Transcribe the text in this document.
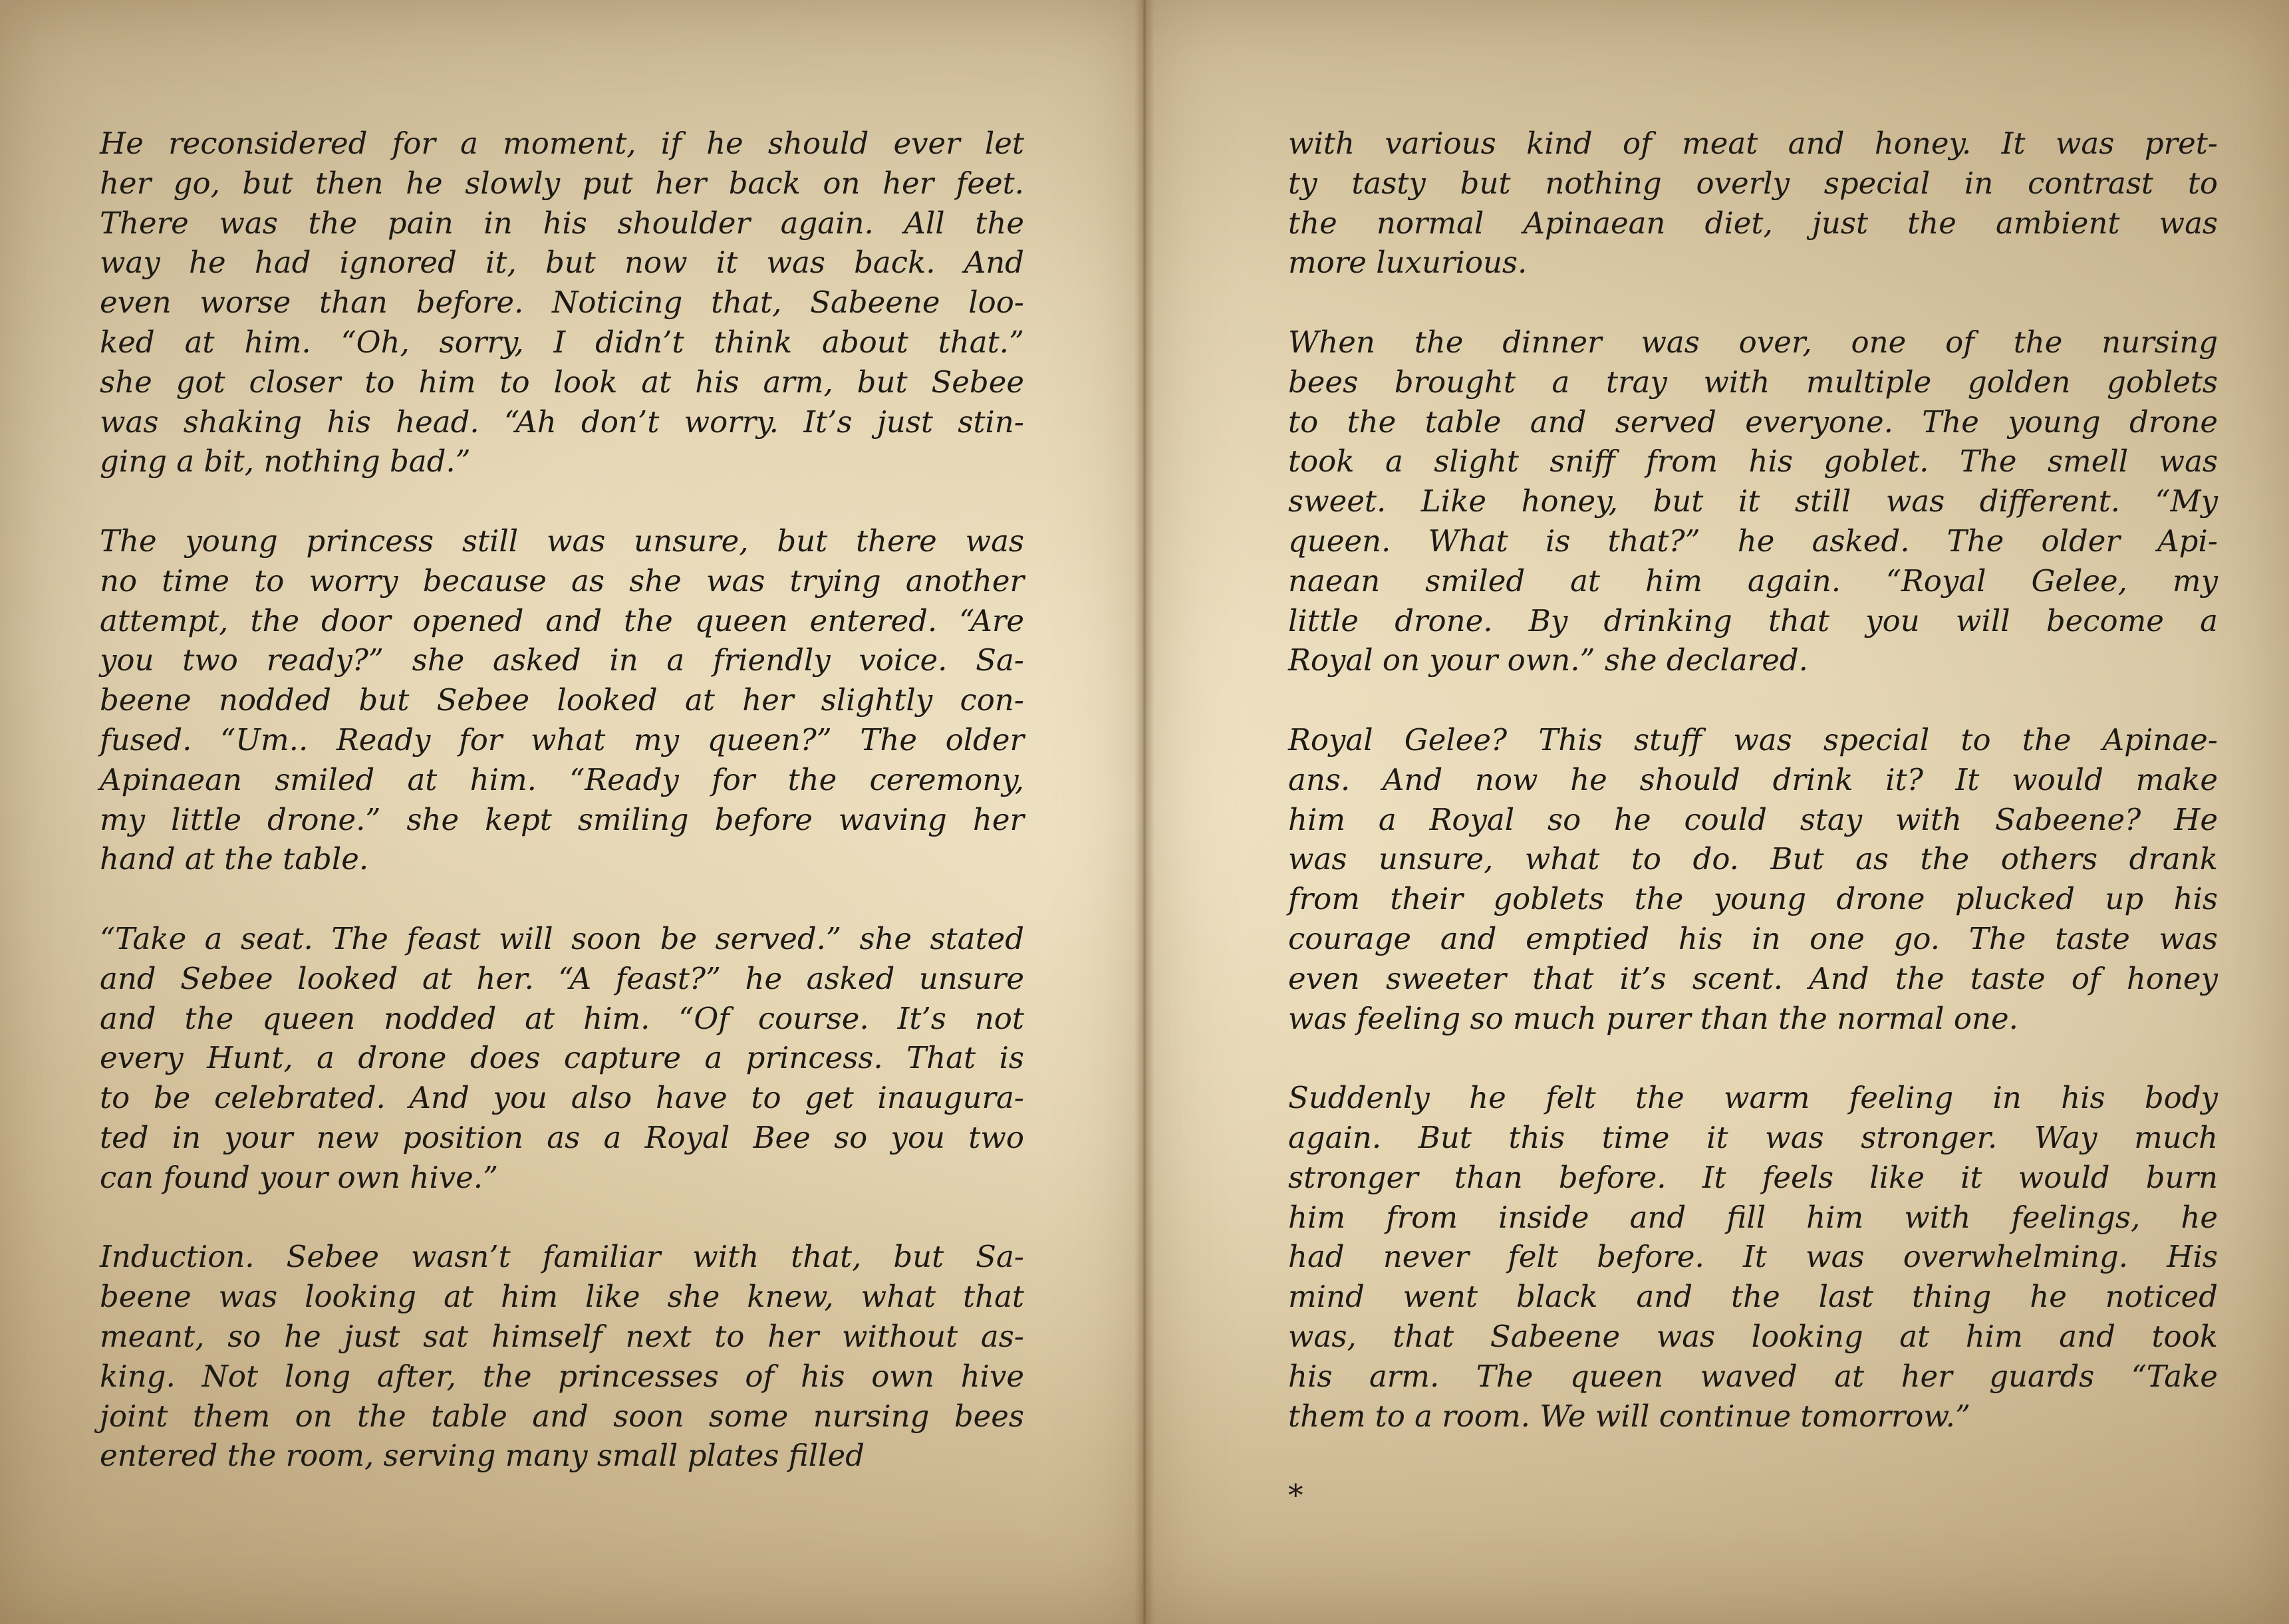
He reconsidered for a moment, if he should ever let
her go, but then he slowly put her back on her feet.
There was the pain in his shoulder again. All the
way he had ignored it, but now it was back. And
even worse than before. Noticing that, Sabeene loo-
ked at him. “Oh, sorry, I didn’t think about that.”
she got closer to him to look at his arm, but Sebee
was shaking his head. “Ah don’t worry. It’s just stin-
ging a bit, nothing bad.”
The young princess still was unsure, but there was
no time to worry because as she was trying another
attempt, the door opened and the queen entered. “Are
you two ready?” she asked in a friendly voice. Sa-
beene nodded but Sebee looked at her slightly con-
fused. “Um.. Ready for what my queen?” The older
Apinaean smiled at him. “Ready for the ceremony,
my little drone.” she kept smiling before waving her
hand at the table.
“Take a seat. The feast will soon be served.” she stated
and Sebee looked at her. “A feast?” he asked unsure
and the queen nodded at him. “Of course. It’s not
every Hunt, a drone does capture a princess. That is
to be celebrated. And you also have to get inaugura-
ted in your new position as a Royal Bee so you two
can found your own hive.”
Induction. Sebee wasn’t familiar with that, but Sa-
beene was looking at him like she knew, what that
meant, so he just sat himself next to her without as-
king. Not long after, the princesses of his own hive
joint them on the table and soon some nursing bees
entered the room, serving many small plates filled
with various kind of meat and honey. It was pret-
ty tasty but nothing overly special in contrast to
the normal Apinaean diet, just the ambient was
more luxurious.
When the dinner was over, one of the nursing
bees brought a tray with multiple golden goblets
to the table and served everyone. The young drone
took a slight sniff from his goblet. The smell was
sweet. Like honey, but it still was different. “My
queen. What is that?” he asked. The older Api-
naean smiled at him again. “Royal Gelee, my
little drone. By drinking that you will become a
Royal on your own.” she declared.
Royal Gelee? This stuff was special to the Apinae-
ans. And now he should drink it? It would make
him a Royal so he could stay with Sabeene? He
was unsure, what to do. But as the others drank
from their goblets the young drone plucked up his
courage and emptied his in one go. The taste was
even sweeter that it’s scent. And the taste of honey
was feeling so much purer than the normal one.
Suddenly he felt the warm feeling in his body
again. But this time it was stronger. Way much
stronger than before. It feels like it would burn
him from inside and fill him with feelings, he
had never felt before. It was overwhelming. His
mind went black and the last thing he noticed
was, that Sabeene was looking at him and took
his arm. The queen waved at her guards “Take
them to a room. We will continue tomorrow.”
*
